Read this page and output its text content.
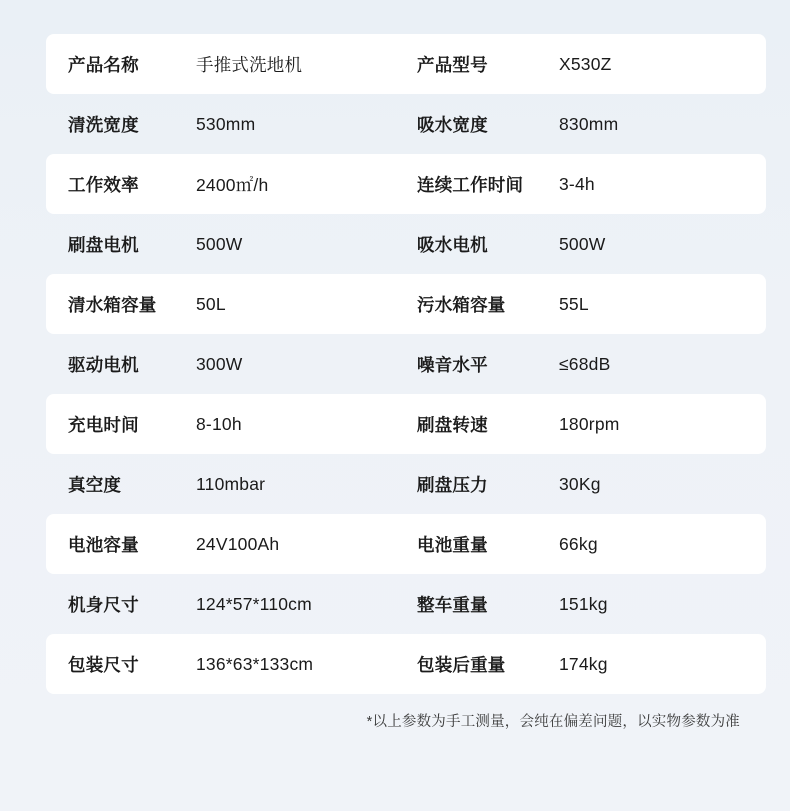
产品名称	手推式洗地机	产品型号	X530Z
清洗宽度	530mm	吸水宽度	830mm
工作效率	2400㎡/h	连续工作时间	3-4h
刷盘电机	500W	吸水电机	500W
清水箱容量	50L	污水箱容量	55L
驱动电机	300W	噪音水平	≤68dB
充电时间	8-10h	刷盘转速	180rpm
真空度	110mbar	刷盘压力	30Kg
电池容量	24V100Ah	电池重量	66kg
机身尺寸	124*57*110cm	整车重量	151kg
包装尺寸	136*63*133cm	包装后重量	174kg
*以上参数为手工测量，会纯在偏差问题，以实物参数为准
